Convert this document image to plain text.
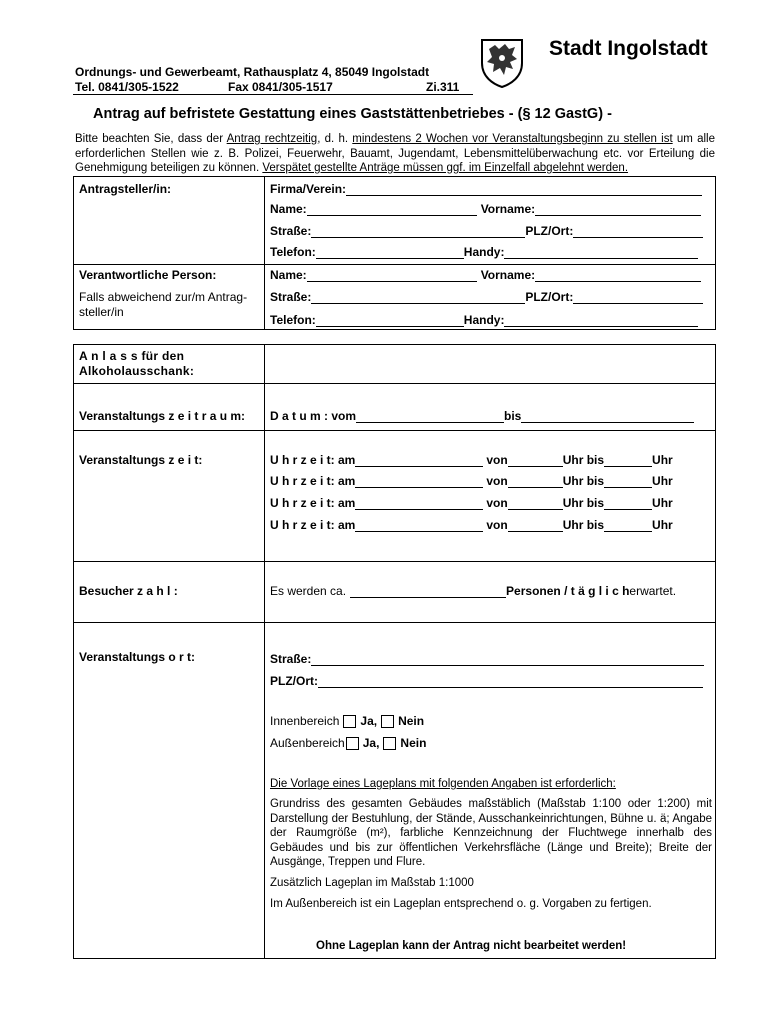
Stadt Ingolstadt
Ordnungs- und Gewerbeamt, Rathausplatz 4, 85049 Ingolstadt
Tel. 0841/305-1522	Fax 0841/305-1517	Zi.311
Antrag auf befristete Gestattung eines Gaststättenbetriebes - (§ 12 GastG) -
Bitte beachten Sie, dass der Antrag rechtzeitig, d. h. mindestens 2 Wochen vor Veranstaltungsbeginn zu stellen ist um alle erforderlichen Stellen wie z. B. Polizei, Feuerwehr, Bauamt, Jugendamt, Lebensmittelüberwachung etc. vor Erteilung die Genehmigung beteiligen zu können. Verspätet gestellte Anträge müssen ggf. im Einzelfall abgelehnt werden.
Antragsteller/in:	Firma/Verein:
Name:	Vorname:
Straße:	PLZ/Ort:
Telefon:	Handy:
Verantwortliche Person:
Falls abweichend zur/m Antrag-steller/in
Name:	Vorname:
Straße:	PLZ/Ort:
Telefon:	Handy:
A n l a s s für den Alkoholausschank:
Veranstaltungs z e i t r a u m: D a t u m : vom	bis
Veranstaltungs z e i t:	U h r z e i t: am	von	Uhr bis	Uhr
U h r z e i t: am	von	Uhr bis	Uhr
U h r z e i t: am	von	Uhr bis	Uhr
U h r z e i t: am	von	Uhr bis	Uhr
Besucher z a h l :	Es werden ca.	Personen / t ä g l i c h erwartet.
Veranstaltungs o r t:	Straße:
PLZ/Ort:
Innenbereich Ja, Nein
Außenbereich Ja, Nein
Die Vorlage eines Lageplans mit folgenden Angaben ist erforderlich:
Grundriss des gesamten Gebäudes maßstäblich (Maßstab 1:100 oder 1:200) mit Darstellung der Bestuhlung, der Stände, Ausschankeinrichtungen, Bühne u. ä; Angabe der Raumgröße (m²), farbliche Kennzeichnung der Fluchtwege innerhalb des Gebäudes und bis zur öffentlichen Verkehrsfläche (Länge und Breite); Breite der Ausgänge, Treppen und Flure.
Zusätzlich Lageplan im Maßstab 1:1000
Im Außenbereich ist ein Lageplan entsprechend o. g. Vorgaben zu fertigen.
Ohne Lageplan kann der Antrag nicht bearbeitet werden!
